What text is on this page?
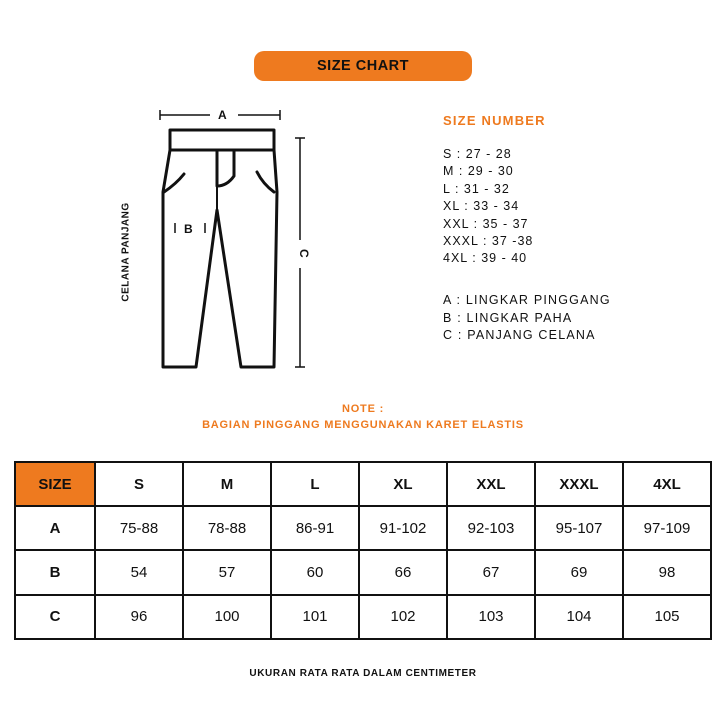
SIZE CHART
A
B
C
CELANA PANJANG
SIZE NUMBER
S : 27 - 28
M : 29 - 30
L : 31 - 32
XL : 33 - 34
XXL : 35 - 37
XXXL : 37 -38
4XL : 39 - 40
A : LINGKAR PINGGANG
B : LINGKAR PAHA
C : PANJANG CELANA
NOTE :
BAGIAN PINGGANG MENGGUNAKAN KARET ELASTIS
SIZE	S	M	L	XL	XXL	XXXL	4XL
A	75-88	78-88	86-91	91-102	92-103	95-107	97-109
B	54	57	60	66	67	69	98
C	96	100	101	102	103	104	105
UKURAN RATA RATA DALAM CENTIMETER
